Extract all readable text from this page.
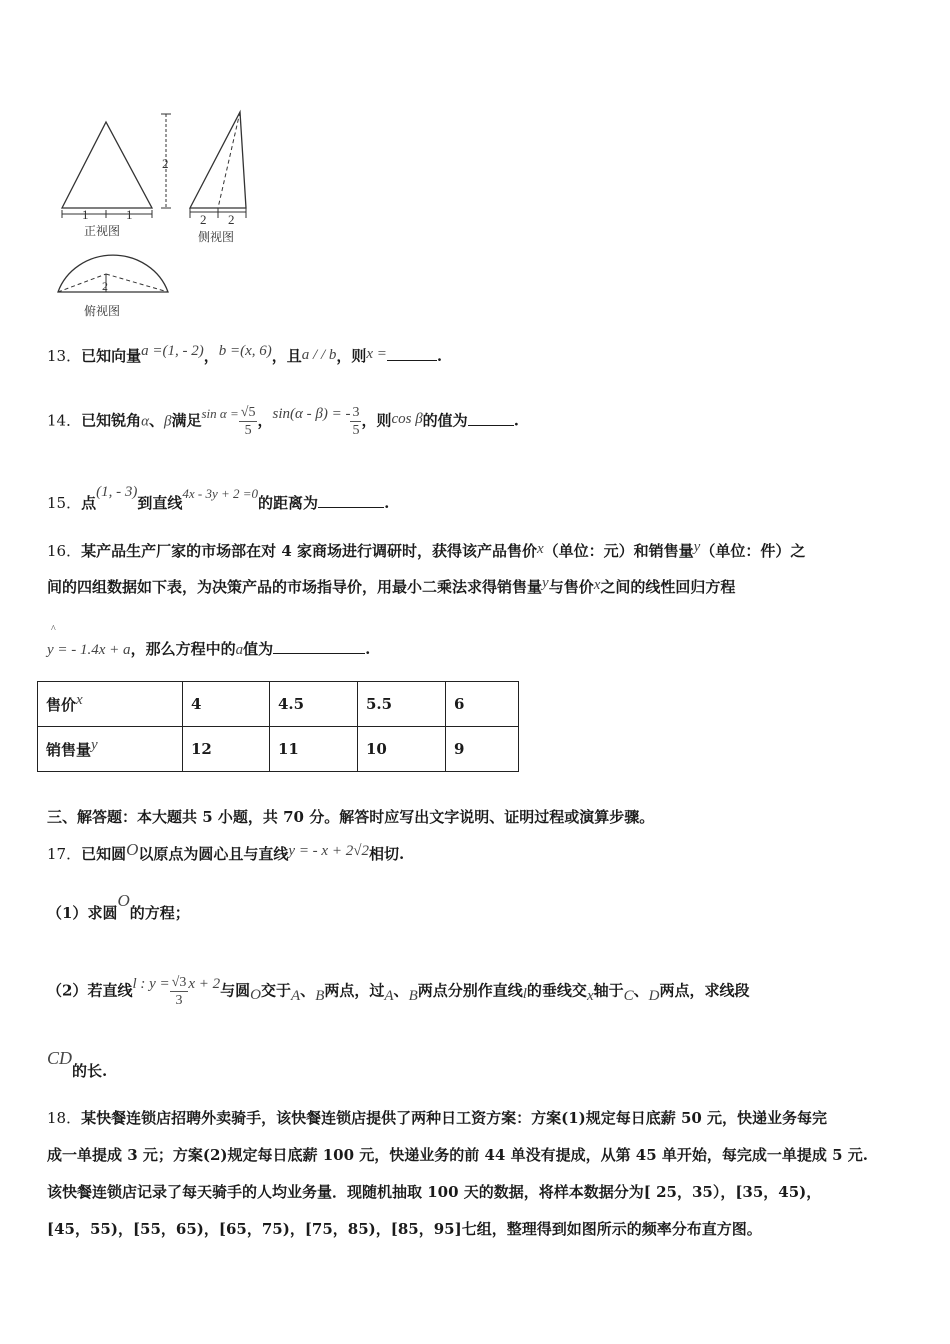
1	1
2
2 2
2
正视图	侧视图
俯视图
13．已知向量a =(1, - 2)，b =(x, 6)，且a / / b，则x =	.
14．已知锐角α、β满足$\sin \alpha = \frac{√5}{5}$ ，sin(α - β) = - $\frac{3}{5}$ ，则cos β的值为	.
15．点(1, - 3)到直线4x - 3y + 2 =0的距离为	.
16．某产品生产厂家的市场部在对 4 家商场进行调研时，获得该产品售价x（单位：元）和销售量y（单位：件）之
间的四组数据如下表，为决策产品的市场指导价，用最小二乘法求得销售量y与售价x之间的线性回归方程
^
y = - 1.4x + a，那么方程中的a值为	.
售价x	4	4.5	5.5	6
销售量y	12	11	10	9
三、解答题：本大题共 5 小题，共 70 分。解答时应写出文字说明、证明过程或演算步骤。
17．已知圆O以原点为圆心且与直线y = - x + 2√2相切.
（1）求圆O的方程；
（2）若直线l : $y = \frac{√3}{3}$ x + 2与圆O交于A、B两点，过A、B两点分别作直线l的垂线交x轴于C、D两点，求线段
CD的长.
18．某快餐连锁店招聘外卖骑手，该快餐连锁店提供了两种日工资方案：方案(1)规定每日底薪 50 元，快递业务每完
成一单提成 3 元；方案(2)规定每日底薪 100 元，快递业务的前 44 单没有提成，从第 45 单开始，每完成一单提成 5 元.
该快餐连锁店记录了每天骑手的人均业务量．现随机抽取 100 天的数据，将样本数据分为[ 25，35），[35，45)，
[45，55)，[55，65)，[65，75)，[75，85)，[85，95]七组，整理得到如图所示的频率分布直方图。
